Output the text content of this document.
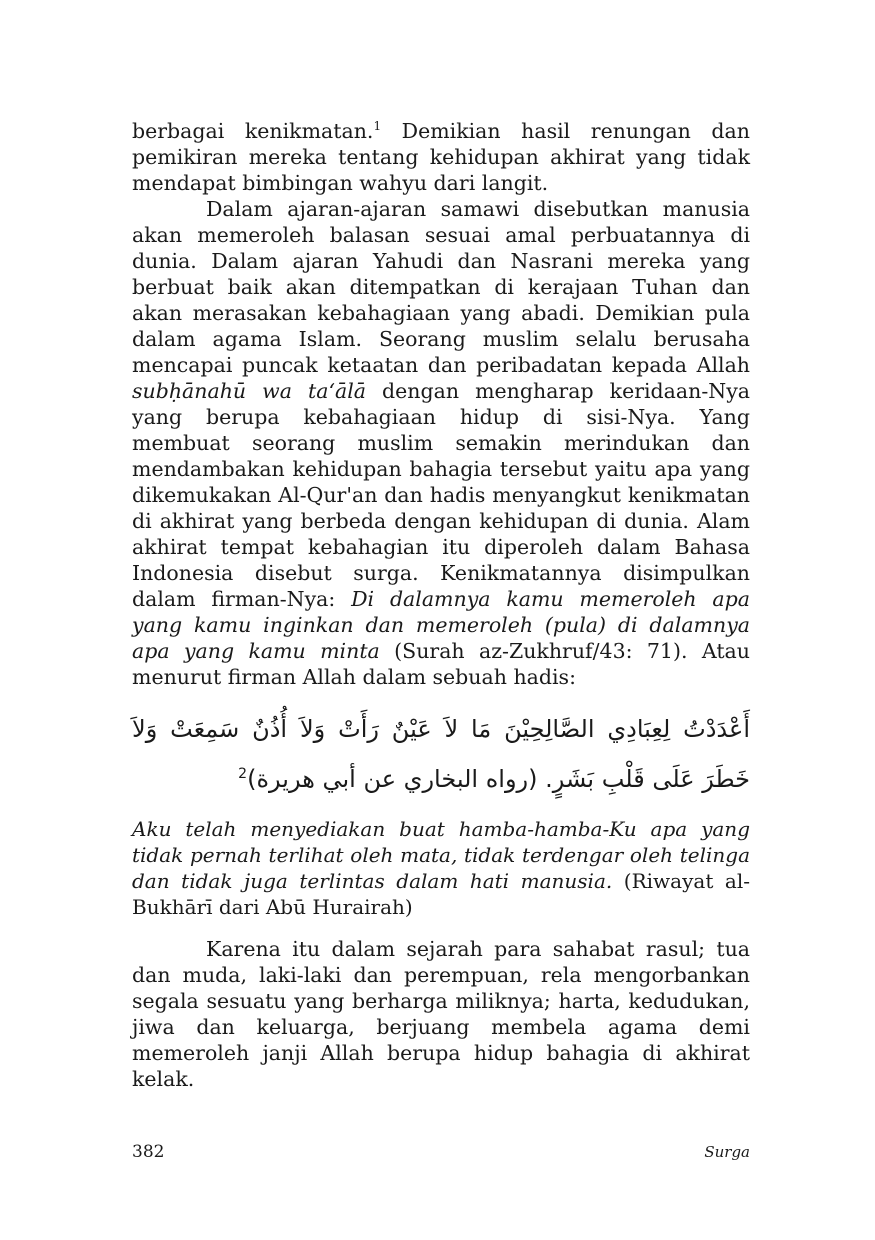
berbagai kenikmatan.$^1$ Demikian hasil renungan dan pemikiran mereka tentang kehidupan akhirat yang tidak mendapat bimbingan wahyu dari langit.

Dalam ajaran-ajaran samawi disebutkan manusia akan memeroleh balasan sesuai amal perbuatannya di dunia. Dalam ajaran Yahudi dan Nasrani mereka yang berbuat baik akan ditempatkan di kerajaan Tuhan dan akan merasakan kebahagiaan yang abadi. Demikian pula dalam agama Islam. Seorang muslim selalu berusaha mencapai puncak ketaatan dan peribadatan kepada Allah subḥānahū wa taʻālā dengan mengharap keridaan-Nya yang berupa kebahagiaan hidup di sisi-Nya. Yang membuat seorang muslim semakin merindukan dan mendambakan kehidupan bahagia tersebut yaitu apa yang dikemukakan Al-Qur'an dan hadis menyangkut kenikmatan di akhirat yang berbeda dengan kehidupan di dunia. Alam akhirat tempat kebahagian itu diperoleh dalam Bahasa Indonesia disebut surga. Kenikmatannya disimpulkan dalam firman-Nya: Di dalamnya kamu memeroleh apa yang kamu inginkan dan memeroleh (pula) di dalamnya apa yang kamu minta (Surah az-Zukhruf/43: 71). Atau menurut firman Allah dalam sebuah hadis:

أَعْدَدْتُ لِعِبَادِي الصَّالِحِيْنَ مَا لاَ عَيْنٌ رَأَتْ وَلاَ أُذُنٌ سَمِعَتْ وَلاَ خَطَرَ عَلَى قَلْبِ بَشَرٍ. (رواه البخاري عن أبي هريرة)$^2$

Aku telah menyediakan buat hamba-hamba-Ku apa yang tidak pernah terlihat oleh mata, tidak terdengar oleh telinga dan tidak juga terlintas dalam hati manusia. (Riwayat al-Bukhārī dari Abū Hurairah)

Karena itu dalam sejarah para sahabat rasul; tua dan muda, laki-laki dan perempuan, rela mengorbankan segala sesuatu yang berharga miliknya; harta, kedudukan, jiwa dan keluarga, berjuang membela agama demi memeroleh janji Allah berupa hidup bahagia di akhirat kelak.

382	Surga
